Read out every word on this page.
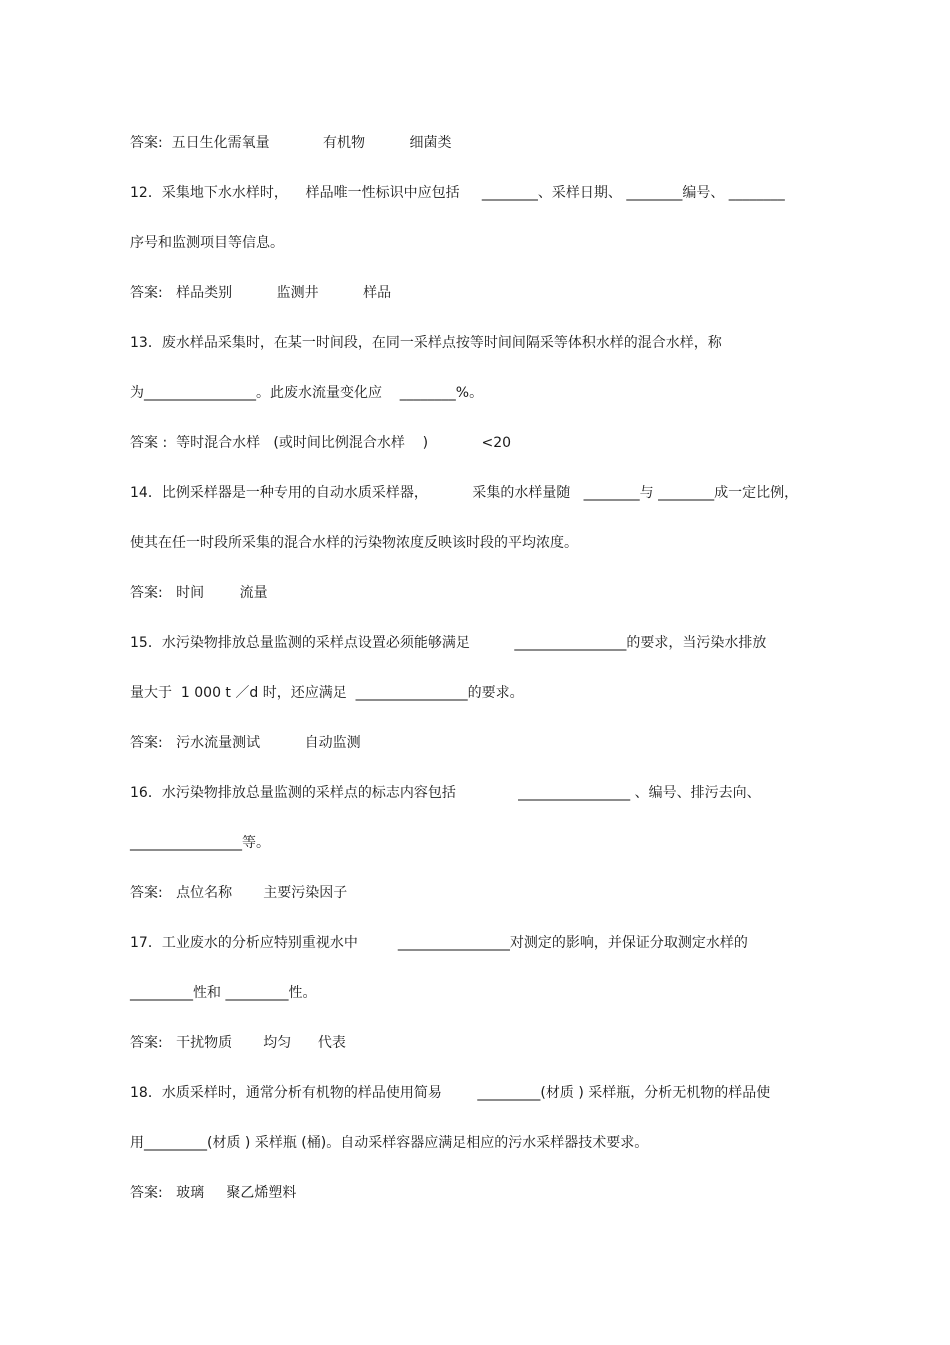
答案:  五日生化需氧量            有机物          细菌类
12．采集地下水水样时，    样品唯一性标识中应包括     ________、采样日期、 ________编号、 ________
序号和监测项目等信息。
答案:   样品类别          监测井          样品
13．废水样品采集时，在某一时间段，在同一采样点按等时间间隔采等体积水样的混合水样，称
为________________。此废水流量变化应    ________%。
答案 :  等时混合水样   (或时间比例混合水样    )            <20
14．比例采样器是一种专用的自动水质采样器，          采集的水样量随   ________与 ________成一定比例，
使其在任一时段所采集的混合水样的污染物浓度反映该时段的平均浓度。
答案:   时间        流量
15．水污染物排放总量监测的采样点设置必须能够满足          ________________的要求，当污染水排放
量大于  1 000 t ／d 时，还应满足  ________________的要求。
答案:   污水流量测试          自动监测
16．水污染物排放总量监测的采样点的标志内容包括              ________________ 、编号、排污去向、
________________等。
答案:   点位名称       主要污染因子
17．工业废水的分析应特别重视水中         ________________对测定的影响，并保证分取测定水样的
_________性和 _________性。
答案:   干扰物质       均匀      代表
18．水质采样时，通常分析有机物的样品使用简易        _________(材质 ) 采样瓶，分析无机物的样品使
用_________(材质 ) 采样瓶 (桶)。自动采样容器应满足相应的污水采样器技术要求。
答案:   玻璃     聚乙烯塑料
